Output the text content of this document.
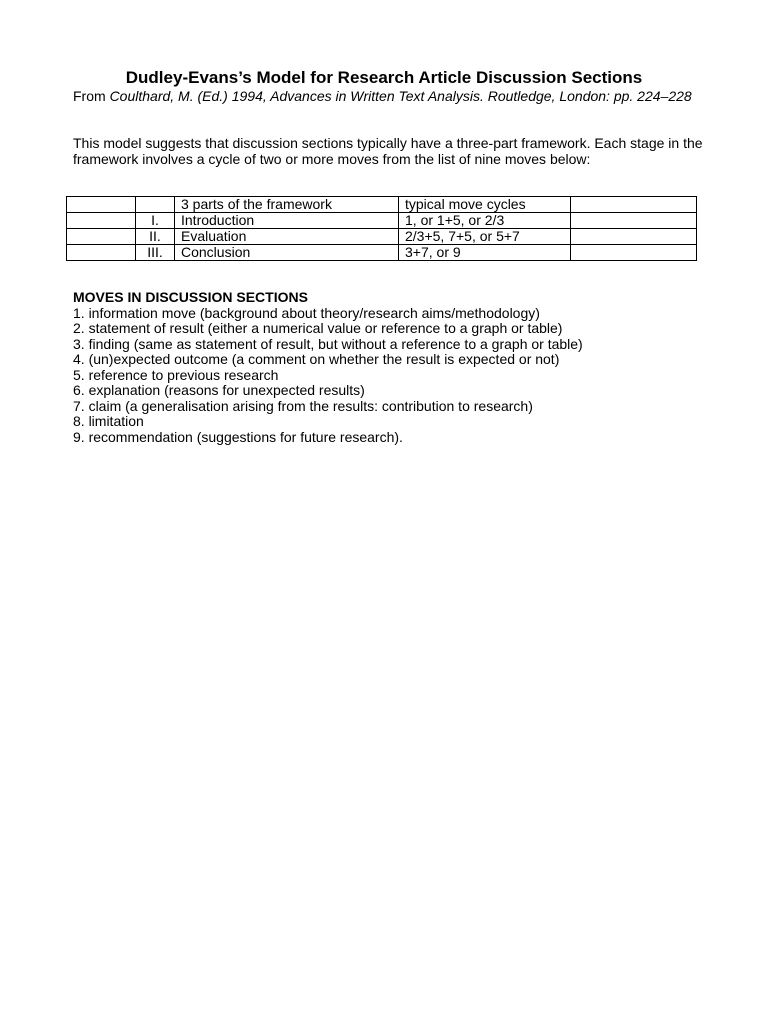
Dudley-Evans’s Model for Research Article Discussion Sections

From Coulthard, M. (Ed.) 1994, Advances in Written Text Analysis. Routledge, London: pp. 224–228

This model suggests that discussion sections typically have a three-part framework. Each stage in the framework involves a cycle of two or more moves from the list of nine moves below:

		3 parts of the framework	typical move cycles	
	I.	Introduction	1, or 1+5, or 2/3	
	II.	Evaluation	2/3+5, 7+5, or 5+7	
	III.	Conclusion	3+7, or 9	

MOVES IN DISCUSSION SECTIONS

1. information move (background about theory/research aims/methodology)
2. statement of result (either a numerical value or reference to a graph or table)
3. finding (same as statement of result, but without a reference to a graph or table)
4. (un)expected outcome (a comment on whether the result is expected or not)
5. reference to previous research
6. explanation (reasons for unexpected results)
7. claim (a generalisation arising from the results: contribution to research)
8. limitation
9. recommendation (suggestions for future research).
